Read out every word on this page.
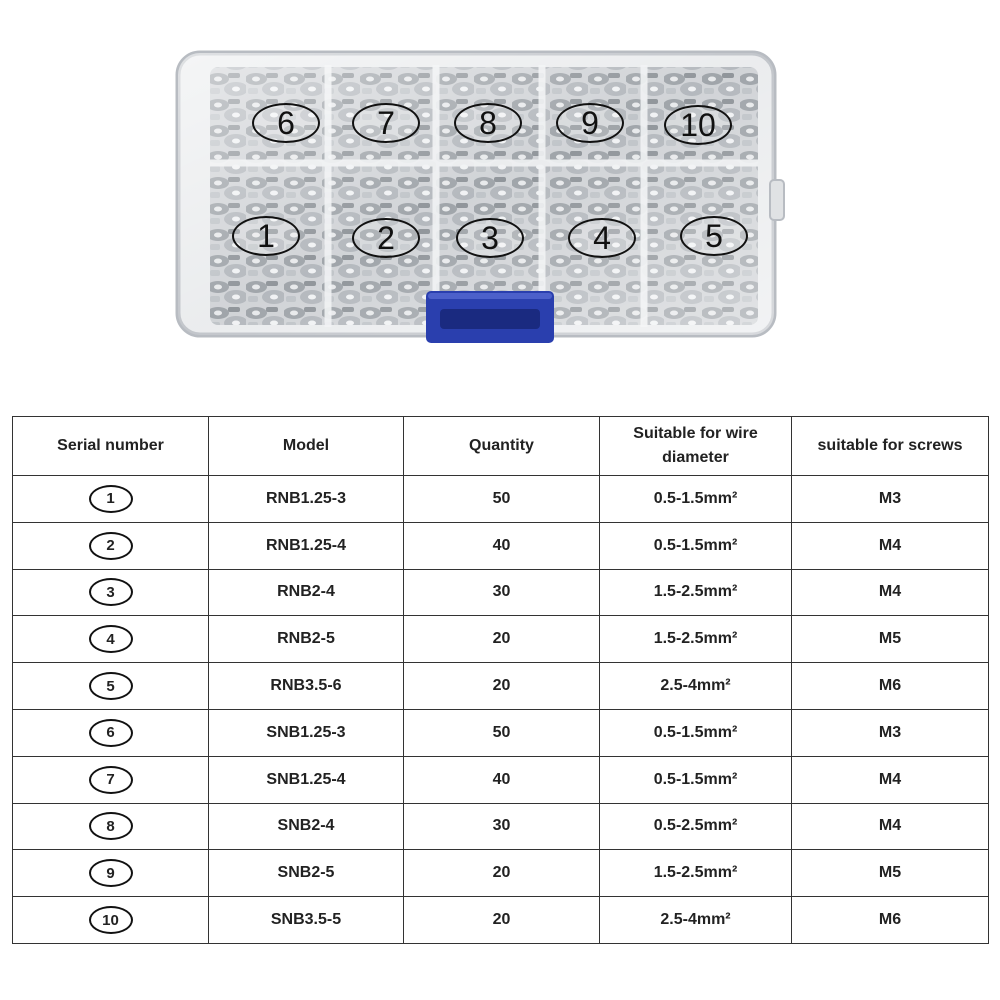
6	7	8	9	10
1	2	3	4	5
Serial number	Model	Quantity	Suitable for wire
diameter	suitable for screws
1	RNB1.25-3	50	0.5-1.5mm²	M3
2	RNB1.25-4	40	0.5-1.5mm²	M4
3	RNB2-4	30	1.5-2.5mm²	M4
4	RNB2-5	20	1.5-2.5mm²	M5
5	RNB3.5-6	20	2.5-4mm²	M6
6	SNB1.25-3	50	0.5-1.5mm²	M3
7	SNB1.25-4	40	0.5-1.5mm²	M4
8	SNB2-4	30	0.5-2.5mm²	M4
9	SNB2-5	20	1.5-2.5mm²	M5
10	SNB3.5-5	20	2.5-4mm²	M6
